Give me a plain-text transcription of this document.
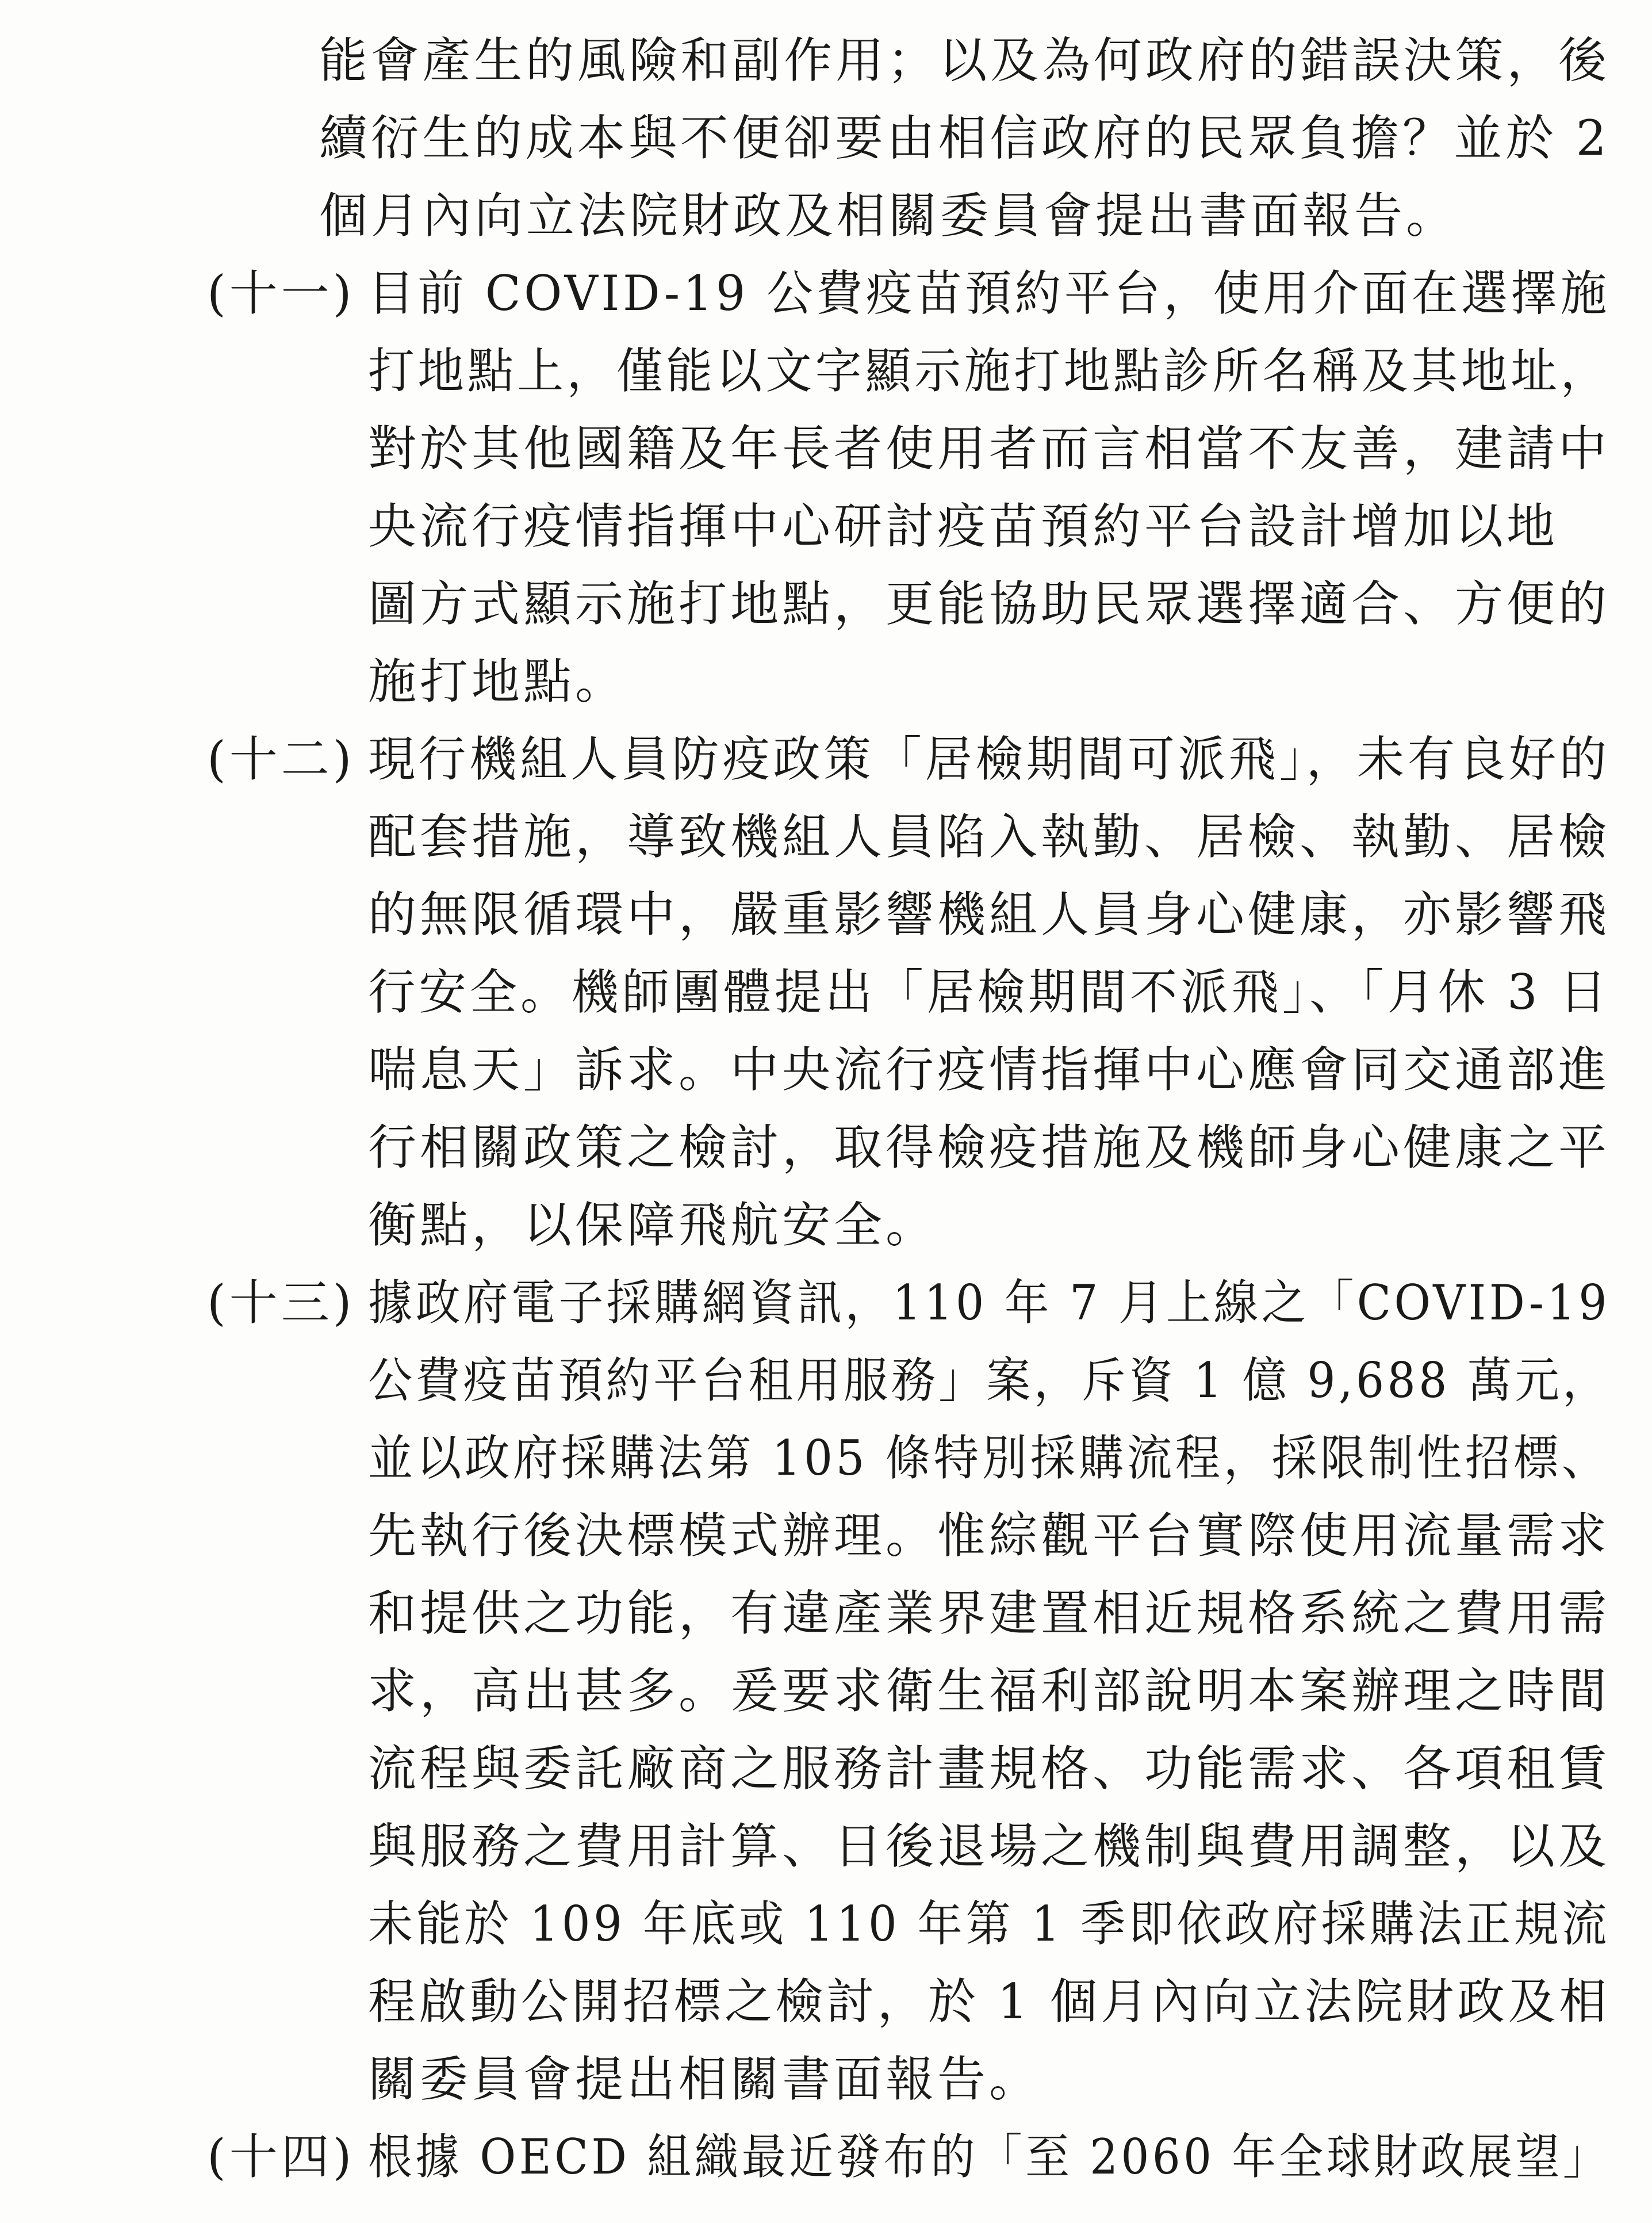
能會產生的風險和副作用；以及為何政府的錯誤決策，後
續衍生的成本與不便卻要由相信政府的民眾負擔？並於 2
個月內向立法院財政及相關委員會提出書面報告。
(十一) 目前 COVID-19 公費疫苗預約平台，使用介面在選擇施
打地點上，僅能以文字顯示施打地點診所名稱及其地址，
對於其他國籍及年長者使用者而言相當不友善，建請中
央流行疫情指揮中心研討疫苗預約平台設計增加以地
圖方式顯示施打地點，更能協助民眾選擇適合、方便的
施打地點。
(十二) 現行機組人員防疫政策「居檢期間可派飛」，未有良好的
配套措施，導致機組人員陷入執勤、居檢、執勤、居檢
的無限循環中，嚴重影響機組人員身心健康，亦影響飛
行安全。機師團體提出「居檢期間不派飛」、「月休 3 日
喘息天」訴求。中央流行疫情指揮中心應會同交通部進
行相關政策之檢討，取得檢疫措施及機師身心健康之平
衡點，以保障飛航安全。
(十三) 據政府電子採購網資訊，110 年 7 月上線之「COVID-19
公費疫苗預約平台租用服務」案，斥資 1 億 9,688 萬元，
並以政府採購法第 105 條特別採購流程，採限制性招標、
先執行後決標模式辦理。惟綜觀平台實際使用流量需求
和提供之功能，有違產業界建置相近規格系統之費用需
求，高出甚多。爰要求衛生福利部說明本案辦理之時間
流程與委託廠商之服務計畫規格、功能需求、各項租賃
與服務之費用計算、日後退場之機制與費用調整，以及
未能於 109 年底或 110 年第 1 季即依政府採購法正規流
程啟動公開招標之檢討，於 1 個月內向立法院財政及相
關委員會提出相關書面報告。
(十四) 根據 OECD 組織最近發布的「至 2060 年全球財政展望」
